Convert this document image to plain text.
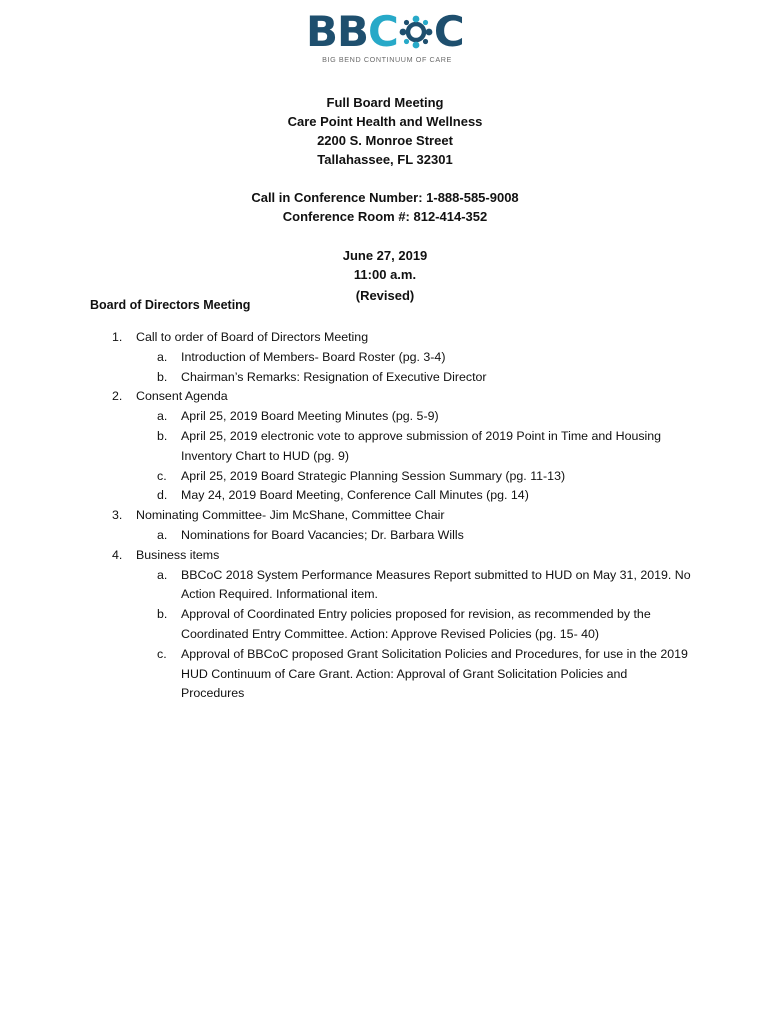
BB C C
BIG BEND CONTINUUM OF CARE
Full Board Meeting
Care Point Health and Wellness
2200 S. Monroe Street
Tallahassee, FL 32301
Call in Conference Number: 1-888-585-9008
Conference Room #: 812-414-352
June 27, 2019
11:00 a.m.
(Revised)
Board of Directors Meeting
1.	Call to order of Board of Directors Meeting
a.	Introduction of Members- Board Roster (pg. 3-4)
b.	Chairman’s Remarks: Resignation of Executive Director
2.	Consent Agenda
a.	April 25, 2019 Board Meeting Minutes (pg. 5-9)
b.	April 25, 2019 electronic vote to approve submission of 2019 Point in Time and Housing Inventory Chart to HUD (pg. 9)
c.	April 25, 2019 Board Strategic Planning Session Summary (pg. 11-13)
d.	May 24, 2019 Board Meeting, Conference Call Minutes (pg. 14)
3.	Nominating Committee- Jim McShane, Committee Chair
a.	Nominations for Board Vacancies; Dr. Barbara Wills
4.	Business items
a.	BBCoC 2018 System Performance Measures Report submitted to HUD on May 31, 2019. No Action Required. Informational item.
b.	Approval of Coordinated Entry policies proposed for revision, as recommended by the Coordinated Entry Committee. Action: Approve Revised Policies (pg. 15- 40)
c.	Approval of BBCoC proposed Grant Solicitation Policies and Procedures, for use in the 2019 HUD Continuum of Care Grant. Action: Approval of Grant Solicitation Policies and Procedures
